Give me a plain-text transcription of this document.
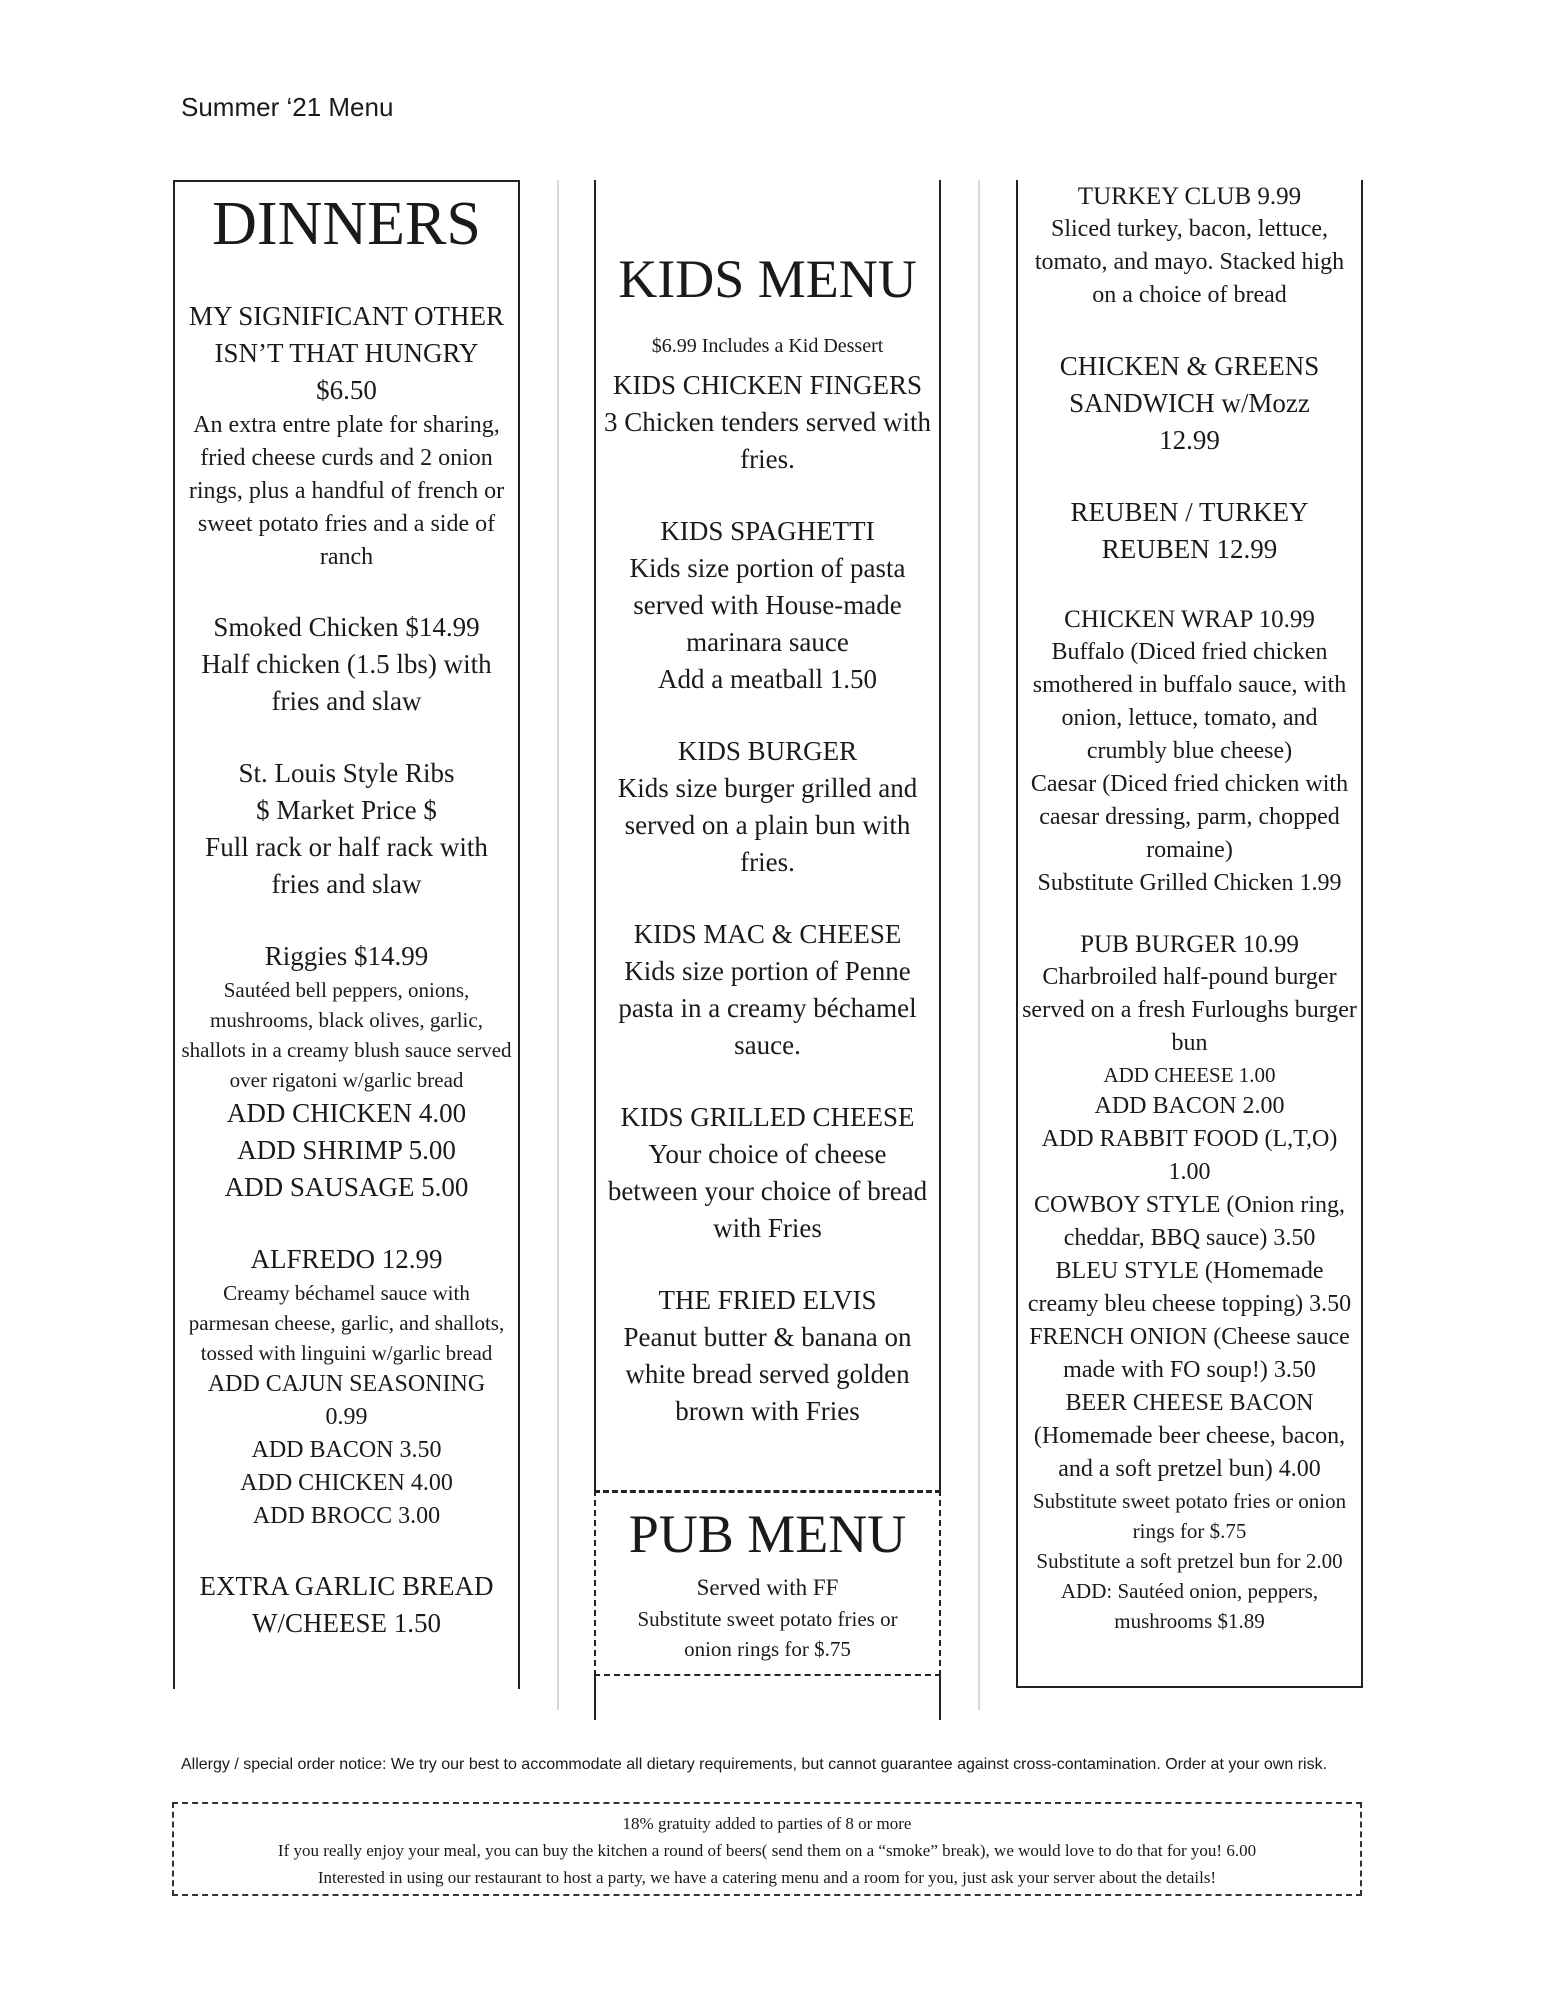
Summer ‘21 Menu
DINNERS
MY SIGNIFICANT OTHER
ISN’T THAT HUNGRY
$6.50
An extra entre plate for sharing, fried cheese curds and 2 onion rings, plus a handful of french or sweet potato fries and a side of ranch
Smoked Chicken $14.99
Half chicken (1.5 lbs) with fries and slaw
St. Louis Style Ribs
$ Market Price $
Full rack or half rack with fries and slaw
Riggies $14.99
Sautéed bell peppers, onions, mushrooms, black olives, garlic, shallots in a creamy blush sauce served over rigatoni w/garlic bread
ADD CHICKEN 4.00
ADD SHRIMP 5.00
ADD SAUSAGE 5.00
ALFREDO 12.99
Creamy béchamel sauce with parmesan cheese, garlic, and shallots, tossed with linguini w/garlic bread
ADD CAJUN SEASONING
0.99
ADD BACON 3.50
ADD CHICKEN 4.00
ADD BROCC 3.00
EXTRA GARLIC BREAD
W/CHEESE 1.50
KIDS MENU
$6.99 Includes a Kid Dessert
KIDS CHICKEN FINGERS
3 Chicken tenders served with fries.
KIDS SPAGHETTI
Kids size portion of pasta served with House-made marinara sauce
Add a meatball 1.50
KIDS BURGER
Kids size burger grilled and served on a plain bun with fries.
KIDS MAC & CHEESE
Kids size portion of Penne pasta in a creamy béchamel sauce.
KIDS GRILLED CHEESE
Your choice of cheese between your choice of bread with Fries
THE FRIED ELVIS
Peanut butter & banana on white bread served golden brown with Fries
PUB MENU
Served with FF
Substitute sweet potato fries or onion rings for $.75
TURKEY CLUB 9.99
Sliced turkey, bacon, lettuce, tomato, and mayo. Stacked high on a choice of bread
CHICKEN & GREENS
SANDWICH w/Mozz
12.99
REUBEN / TURKEY
REUBEN 12.99
CHICKEN WRAP 10.99
Buffalo (Diced fried chicken smothered in buffalo sauce, with onion, lettuce, tomato, and crumbly blue cheese)
Caesar (Diced fried chicken with caesar dressing, parm, chopped romaine)
Substitute Grilled Chicken 1.99
PUB BURGER 10.99
Charbroiled half-pound burger served on a fresh Furloughs burger bun
ADD CHEESE 1.00
ADD BACON 2.00
ADD RABBIT FOOD (L,T,O)
1.00
COWBOY STYLE (Onion ring, cheddar, BBQ sauce) 3.50
BLEU STYLE (Homemade creamy bleu cheese topping) 3.50
FRENCH ONION (Cheese sauce made with FO soup!) 3.50
BEER CHEESE BACON (Homemade beer cheese, bacon, and a soft pretzel bun) 4.00
Substitute sweet potato fries or onion rings for $.75
Substitute a soft pretzel bun for 2.00
ADD: Sautéed onion, peppers, mushrooms $1.89
Allergy / special order notice: We try our best to accommodate all dietary requirements, but cannot guarantee against cross-contamination. Order at your own risk.
18% gratuity added to parties of 8 or more
If you really enjoy your meal, you can buy the kitchen a round of beers( send them on a “smoke” break), we would love to do that for you! 6.00
Interested in using our restaurant to host a party, we have a catering menu and a room for you, just ask your server about the details!
